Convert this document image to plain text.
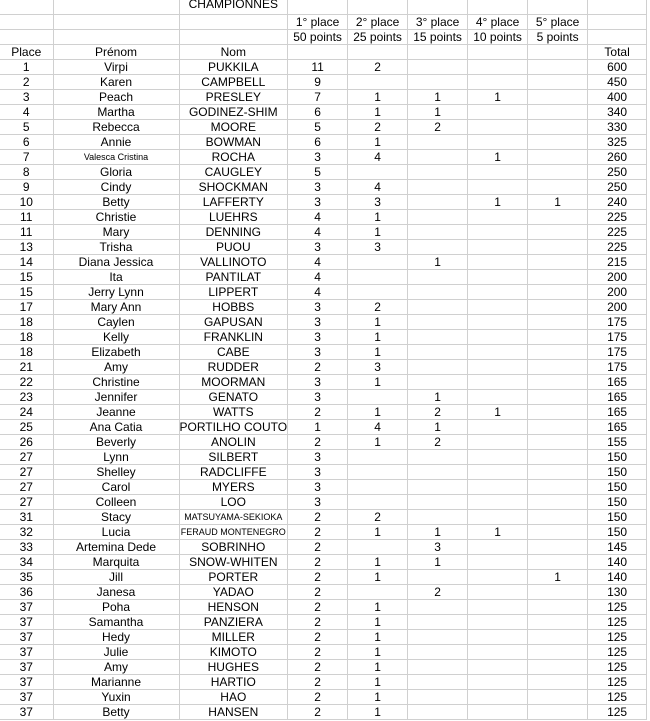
		CHAMPIONNES						
			1° place	2° place	3° place	4° place	5° place	
			50 points	25 points	15 points	10 points	5 points	
Place	Prénom	Nom						Total
1	Virpi	PUKKILA	11	2				600
2	Karen	CAMPBELL	9					450
3	Peach	PRESLEY	7	1	1	1		400
4	Martha	GODINEZ-SHIM	6	1	1			340
5	Rebecca	MOORE	5	2	2			330
6	Annie	BOWMAN	6	1				325
7	Valesca Cristina	ROCHA	3	4		1		260
8	Gloria	CAUGLEY	5					250
9	Cindy	SHOCKMAN	3	4				250
10	Betty	LAFFERTY	3	3		1	1	240
11	Christie	LUEHRS	4	1				225
11	Mary	DENNING	4	1				225
13	Trisha	PUOU	3	3				225
14	Diana Jessica	VALLINOTO	4		1			215
15	Ita	PANTILAT	4					200
15	Jerry Lynn	LIPPERT	4					200
17	Mary Ann	HOBBS	3	2				200
18	Caylen	GAPUSAN	3	1				175
18	Kelly	FRANKLIN	3	1				175
18	Elizabeth	CABE	3	1				175
21	Amy	RUDDER	2	3				175
22	Christine	MOORMAN	3	1				165
23	Jennifer	GENATO	3		1			165
24	Jeanne	WATTS	2	1	2	1		165
25	Ana Catia	PORTILHO COUTO	1	4	1			165
26	Beverly	ANOLIN	2	1	2			155
27	Lynn	SILBERT	3					150
27	Shelley	RADCLIFFE	3					150
27	Carol	MYERS	3					150
27	Colleen	LOO	3					150
31	Stacy	MATSUYAMA-SEKIOKA	2	2				150
32	Lucia	FERAUD MONTENEGRO	2	1	1	1		150
33	Artemina Dede	SOBRINHO	2		3			145
34	Marquita	SNOW-WHITEN	2	1	1			140
35	Jill	PORTER	2	1			1	140
36	Janesa	YADAO	2		2			130
37	Poha	HENSON	2	1				125
37	Samantha	PANZIERA	2	1				125
37	Hedy	MILLER	2	1				125
37	Julie	KIMOTO	2	1				125
37	Amy	HUGHES	2	1				125
37	Marianne	HARTIO	2	1				125
37	Yuxin	HAO	2	1				125
37	Betty	HANSEN	2	1				125
